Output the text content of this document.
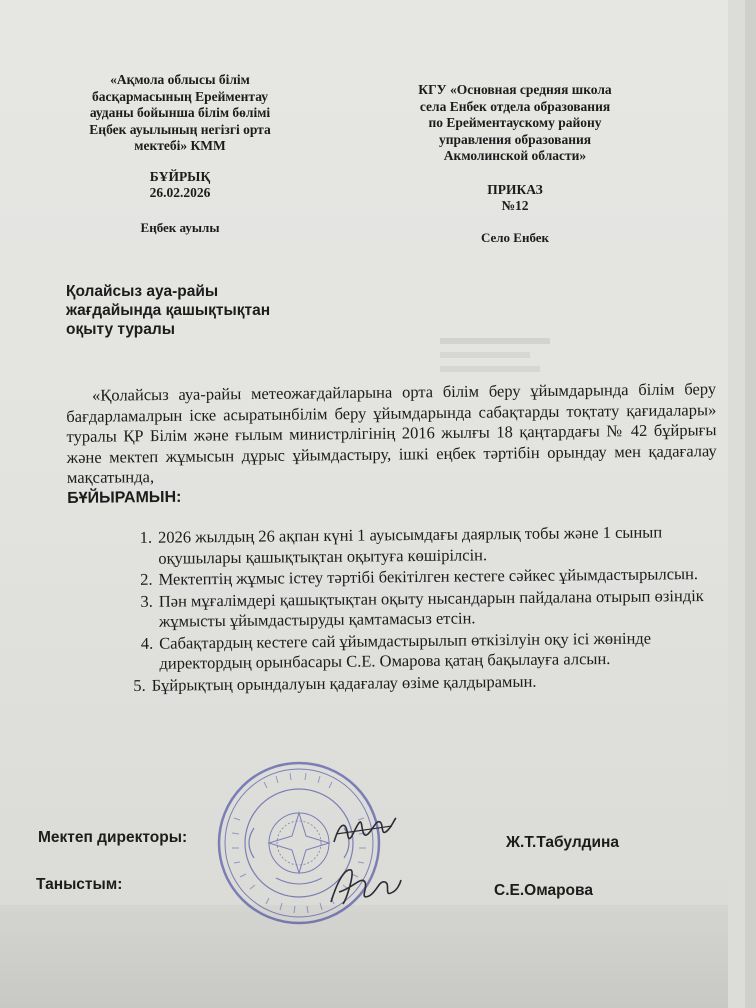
«Ақмола облысы білім
басқармасының Ерейментау
ауданы бойынша білім бөлімі
Еңбек ауылының негізгі орта
мектебі» КММ
БҰЙРЫҚ
26.02.2026
Еңбек ауылы
КГУ «Основная средняя школа
села Енбек отдела образования
по Ерейментаускому району
управления образования
Акмолинской области»
ПРИКАЗ
№12
Село Енбек
Қолайсыз ауа-райы
жағдайында қашықтықтан
оқыту туралы

«Қолайсыз ауа-райы метеожағдайларына орта білім беру ұйымдарында білім беру бағдарламалрын іске асыратынбілім беру ұйымдарында сабақтарды тоқтату қағидалары» туралы ҚР Білім және ғылым министрлігінің 2016 жылғы 18 қаңтардағы № 42 бұйрығы және мектеп жұмысын дұрыс ұйымдастыру, ішкі еңбек тәртібін орындау мен қадағалау мақсатында,

БҰЙЫРАМЫН:

1. 2026 жылдың 26 ақпан күні 1 ауысымдағы даярлық тобы және 1 сынып оқушылары қашықтықтан оқытуға көшірілсін.
2. Мектептің жұмыс істеу тәртібі бекітілген кестеге сәйкес ұйымдастырылсын.
3. Пән мұғалімдері қашықтықтан оқыту нысандарын пайдалана отырып өзіндік жұмысты ұйымдастыруды қамтамасыз етсін.
4. Сабақтардың кестеге сай ұйымдастырылып өткізілуін оқу ісі жөнінде директордың орынбасары С.Е. Омарова қатаң бақылауға алсын.
5. Бұйрықтың орындалуын қадағалау өзіме қалдырамын.
Мектеп директоры:	Ж.Т.Табулдина
Таныстым:	С.Е.Омарова
